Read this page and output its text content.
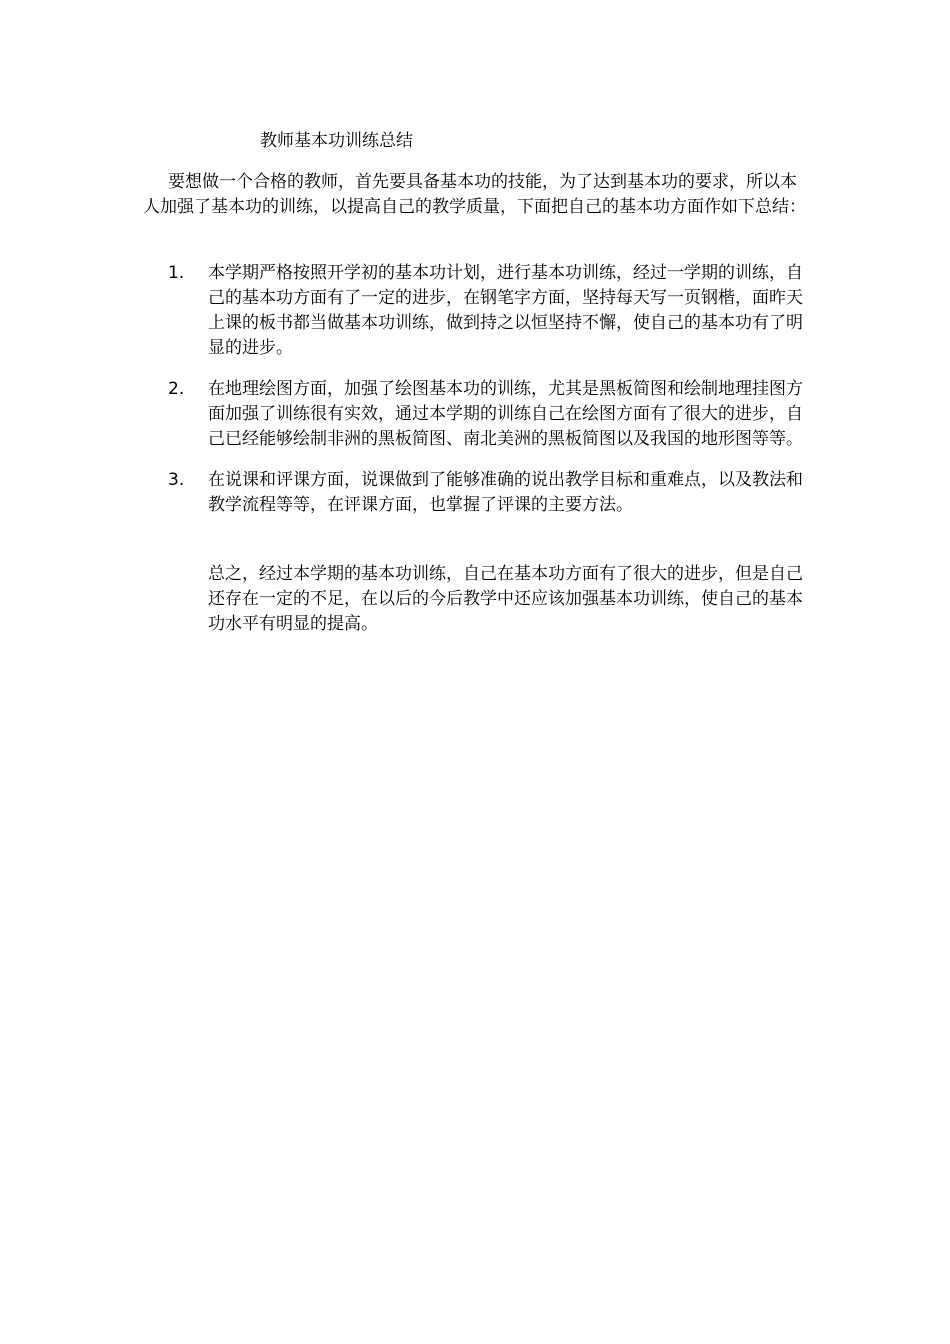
教师基本功训练总结

要想做一个合格的教师，首先要具备基本功的技能，为了达到基本功的要求，所以本人加强了基本功的训练，以提高自己的教学质量，下面把自己的基本功方面作如下总结：

1. 本学期严格按照开学初的基本功计划，进行基本功训练，经过一学期的训练，自己的基本功方面有了一定的进步，在钢笔字方面，坚持每天写一页钢楷，面昨天上课的板书都当做基本功训练，做到持之以恒坚持不懈，使自己的基本功有了明显的进步。
2. 在地理绘图方面，加强了绘图基本功的训练，尤其是黑板简图和绘制地理挂图方面加强了训练很有实效，通过本学期的训练自己在绘图方面有了很大的进步，自己已经能够绘制非洲的黑板简图、南北美洲的黑板简图以及我国的地形图等等。
3. 在说课和评课方面，说课做到了能够准确的说出教学目标和重难点，以及教法和教学流程等等，在评课方面，也掌握了评课的主要方法。

总之，经过本学期的基本功训练，自己在基本功方面有了很大的进步，但是自己还存在一定的不足，在以后的今后教学中还应该加强基本功训练，使自己的基本功水平有明显的提高。
